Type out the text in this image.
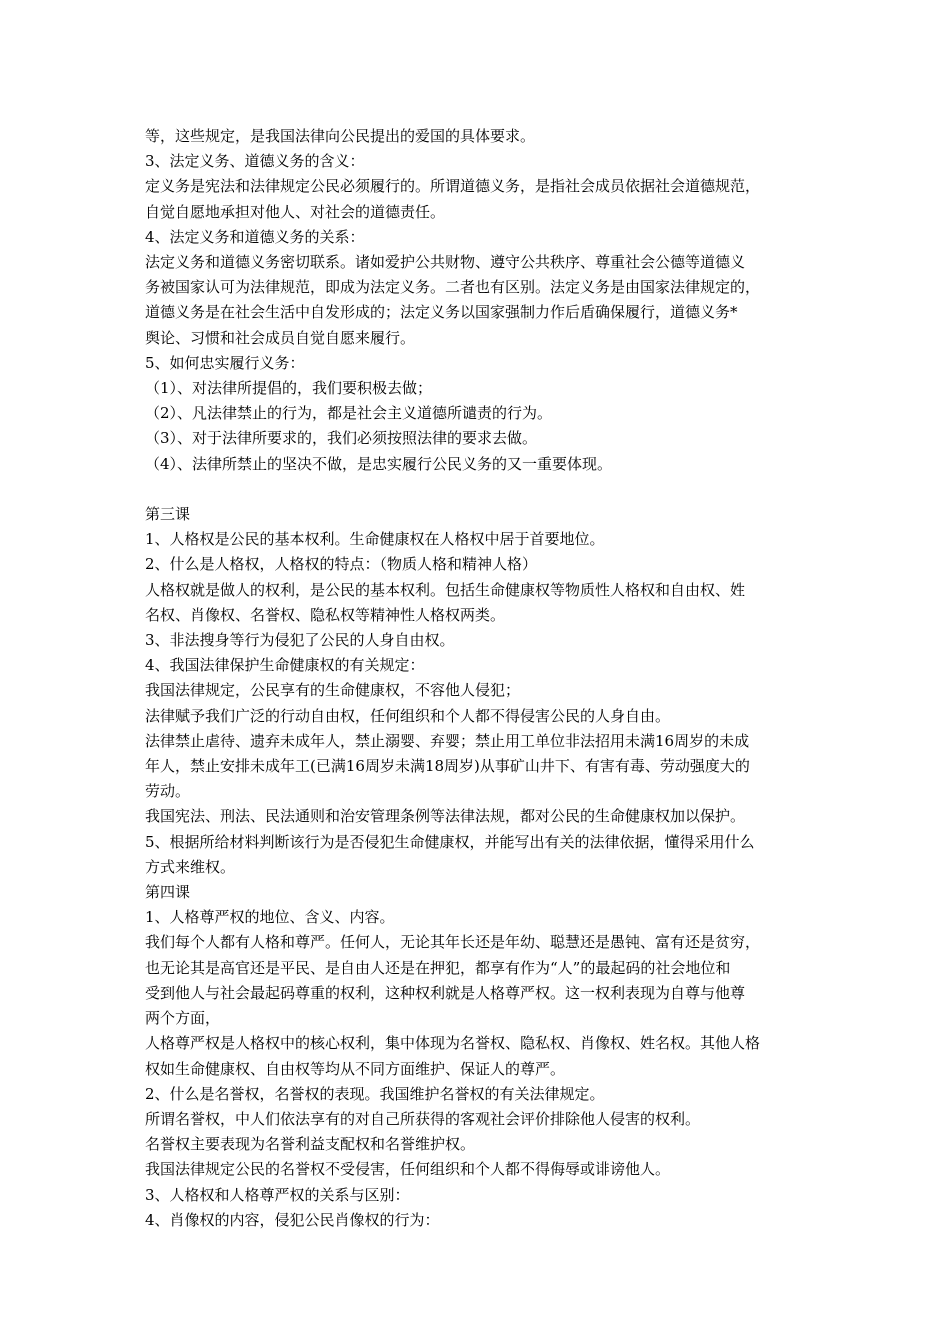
等，这些规定，是我国法律向公民提出的爱国的具体要求。
3、法定义务、道德义务的含义：
定义务是宪法和法律规定公民必须履行的。所谓道德义务，是指社会成员依据社会道德规范，
自觉自愿地承担对他人、对社会的道德责任。
4、法定义务和道德义务的关系：
法定义务和道德义务密切联系。诸如爱护公共财物、遵守公共秩序、尊重社会公德等道德义
务被国家认可为法律规范，即成为法定义务。二者也有区别。法定义务是由国家法律规定的，
道德义务是在社会生活中自发形成的；法定义务以国家强制力作后盾确保履行，道德义务*
舆论、习惯和社会成员自觉自愿来履行。
5、如何忠实履行义务：
（1）、对法律所提倡的，我们要积极去做；
（2）、凡法律禁止的行为，都是社会主义道德所谴责的行为。
（3）、对于法律所要求的，我们必须按照法律的要求去做。
（4）、法律所禁止的坚决不做，是忠实履行公民义务的又一重要体现。
第三课
1、人格权是公民的基本权利。生命健康权在人格权中居于首要地位。
2、什么是人格权，人格权的特点：（物质人格和精神人格）
人格权就是做人的权利，是公民的基本权利。包括生命健康权等物质性人格权和自由权、姓
名权、肖像权、名誉权、隐私权等精神性人格权两类。
3、非法搜身等行为侵犯了公民的人身自由权。
4、我国法律保护生命健康权的有关规定：
我国法律规定，公民享有的生命健康权，不容他人侵犯；
法律赋予我们广泛的行动自由权，任何组织和个人都不得侵害公民的人身自由。
法律禁止虐待、遗弃未成年人，禁止溺婴、弃婴；禁止用工单位非法招用未满16周岁的未成
年人，禁止安排未成年工(已满16周岁未满18周岁)从事矿山井下、有害有毒、劳动强度大的
劳动。
我国宪法、刑法、民法通则和治安管理条例等法律法规，都对公民的生命健康权加以保护。
5、根据所给材料判断该行为是否侵犯生命健康权，并能写出有关的法律依据，懂得采用什么
方式来维权。
第四课
1、人格尊严权的地位、含义、内容。
我们每个人都有人格和尊严。任何人，无论其年长还是年幼、聪慧还是愚钝、富有还是贫穷，
也无论其是高官还是平民、是自由人还是在押犯，都享有作为“人”的最起码的社会地位和
受到他人与社会最起码尊重的权利，这种权利就是人格尊严权。这一权利表现为自尊与他尊
两个方面，
人格尊严权是人格权中的核心权利，集中体现为名誉权、隐私权、肖像权、姓名权。其他人格
权如生命健康权、自由权等均从不同方面维护、保证人的尊严。
2、什么是名誉权，名誉权的表现。我国维护名誉权的有关法律规定。
所谓名誉权，中人们依法享有的对自己所获得的客观社会评价排除他人侵害的权利。
名誉权主要表现为名誉利益支配权和名誉维护权。
我国法律规定公民的名誉权不受侵害，任何组织和个人都不得侮辱或诽谤他人。
3、人格权和人格尊严权的关系与区别：
4、肖像权的内容，侵犯公民肖像权的行为：
